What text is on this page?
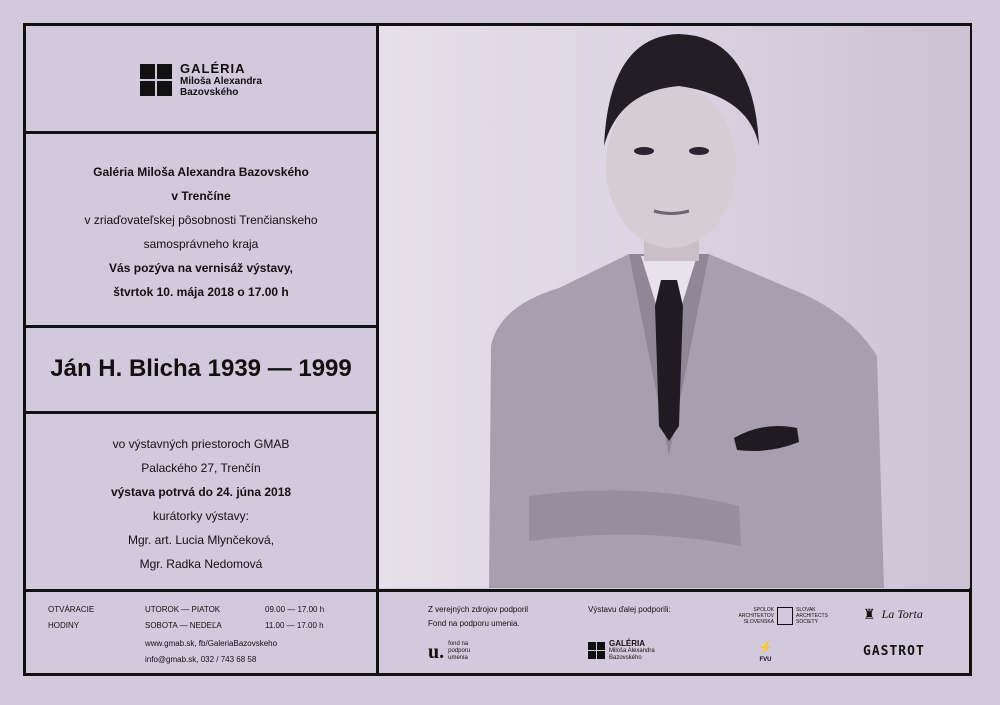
GALÉRIA
Miloša Alexandra
Bazovského
Galéria Miloša Alexandra Bazovského
v Trenčíne
v zriaďovateľskej pôsobnosti Trenčianskeho
samosprávneho kraja
Vás pozýva na vernisáž výstavy,
štvrtok 10. mája 2018 o 17.00 h
Ján H. Blicha 1939 — 1999
vo výstavných priestoroch GMAB
Palackého 27, Trenčín
výstava potrvá do 24. júna 2018
kurátorky výstavy:
Mgr. art. Lucia Mlynčeková,
Mgr. Radka Nedomová
OTVÁRACIE
HODINY
UTOROK — PIATOK	09.00 — 17.00 h
SOBOTA — NEDEĽA	11.00 — 17.00 h
www.gmab.sk, fb/GaleriaBazovskeho
info@gmab.sk, 032 / 743 68 58
Z verejných zdrojov podporil
Fond na podporu umenia.
u. fond na podporu umenia
Výstavu ďalej podporili:
GALÉRIA
Miloša Alexandra Bazovského
SPOLOK ARCHITEKTOV SLOVENSKA
SLOVAK ARCHITECTS SOCIETY
⚡
FVU
♜ La Torta
GASTROT
